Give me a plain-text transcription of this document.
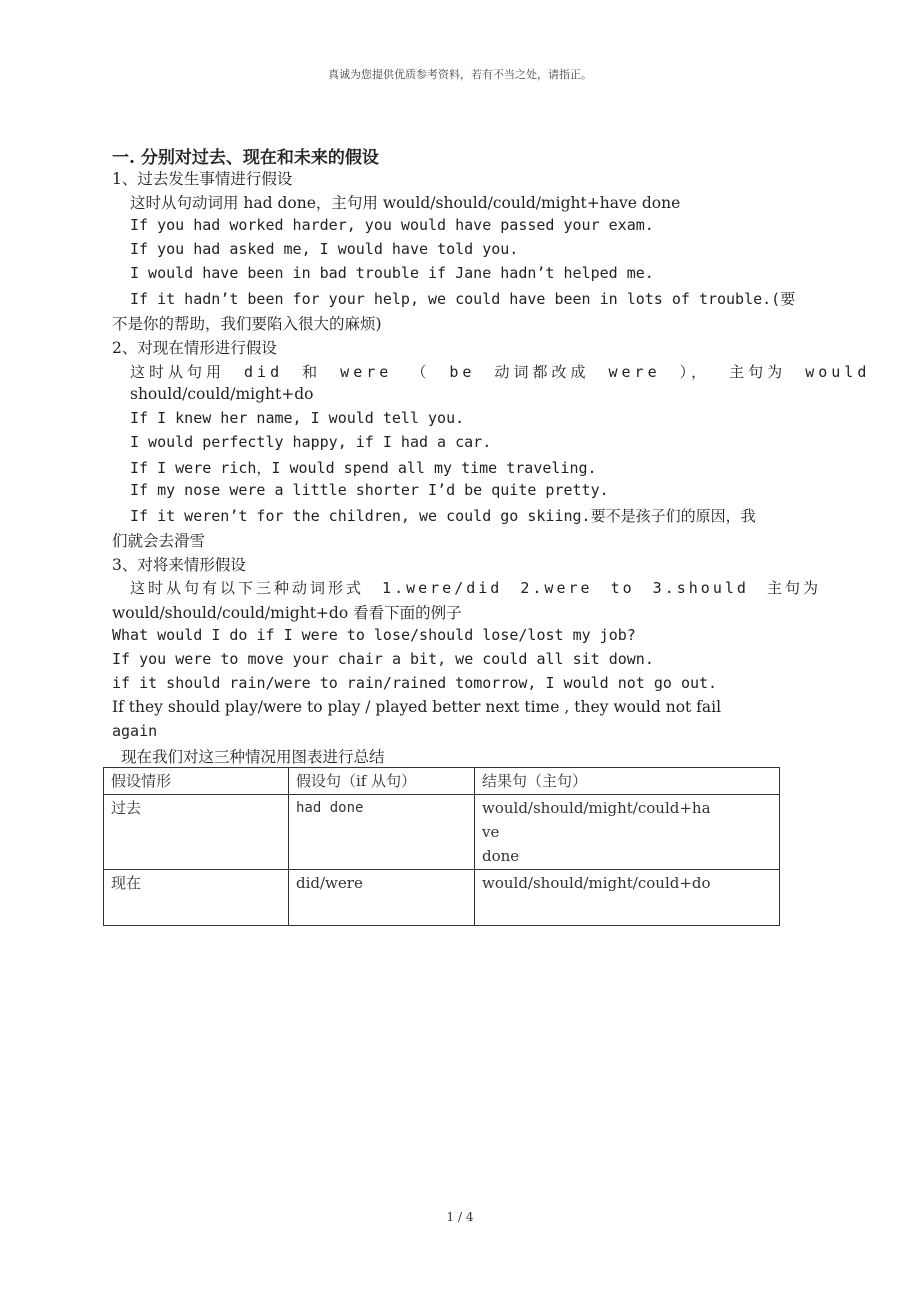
真诚为您提供优质参考资料，若有不当之处，请指正。
一. 分别对过去、现在和未来的假设
1、过去发生事情进行假设
这时从句动词用 had done，主句用 would/should/could/might+have done
If you had worked harder, you would have passed your exam.
If you had asked me, I would have told you.
I would have been in bad trouble if Jane hadn’t helped me.
If it hadn’t been for your help, we could have been in lots of trouble.(要
不是你的帮助，我们要陷入很大的麻烦)
2、对现在情形进行假设
这时从句用 did 和 were （ be 动词都改成 were ）， 主句为 would
should/could/might+do
If I knew her name, I would tell you.
I would perfectly happy, if I had a car.
If I were rich，I would spend all my time traveling.
If my nose were a little shorter I’d be quite pretty.
If it weren’t for the children, we could go skiing.要不是孩子们的原因，我
们就会去滑雪
3、对将来情形假设
这时从句有以下三种动词形式 1.were/did 2.were to 3.should 主句为
would/should/could/might+do 看看下面的例子
What would I do if I were to lose/should lose/lost my job?
If you were to move your chair a bit, we could all sit down.
if it should rain/were to rain/rained tomorrow, I would not go out.
If they should play/were to play / played better next time , they would not fail
again
现在我们对这三种情况用图表进行总结
假设情形	假设句（if 从句）	结果句（主句）
过去	had done	would/should/might/could+ha
ve
done

现在	did/were	would/should/might/could+do
1 / 4
